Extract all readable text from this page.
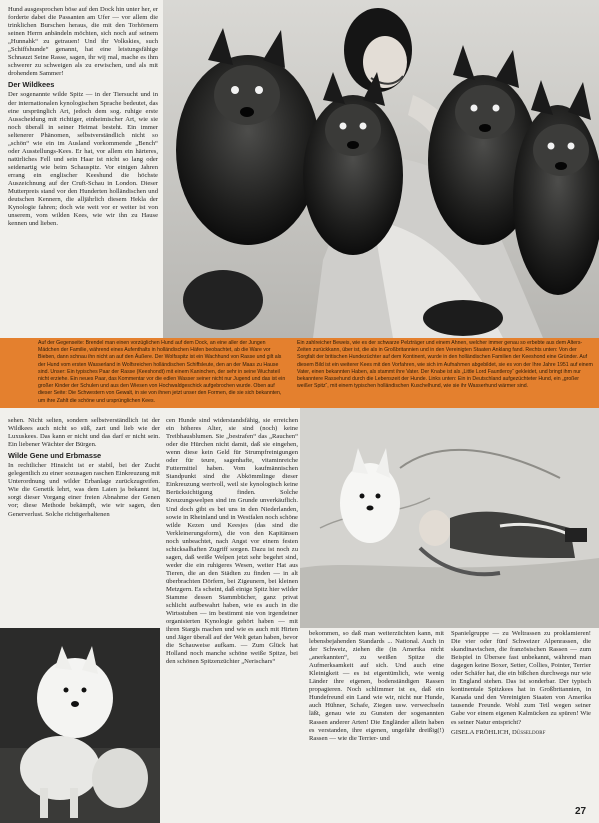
Hund ausgesprochen böse auf den Dock hin unter her, er forderte dabei die Passanten am Ufer — vor allem die trinklichen Burschen heraus, die mit den Torhörnern seinen Herrn anbändeln möchten, sich noch auf seinem „Hunnahk“ zu getrauen! Und ihr Volkskies, such „Schiffshunde“ genannt, hat eine leistungsfähige Schnauzt Seine Rasse, sagen, ihr wij mal, mache es ihm schwerer zu schweigen als zu erwischen, und als mit drohendem Sammer!

Der Wildkees

Der sogenannte wilde Spitz — in der Tiersucht und in der internationalen kynologischen Sprache bedeutet, das eine ursprünglich Art, jedoch dem sog. ruhige erste Ausscheidung mit richtiger, einheimischer Art, wie sie noch überall in seiner Heimat besteht. Ein immer seltenerer Phänomen, selbstverständlich nicht so „schön“ wie ein im Ausland vorkommende „Bench“ oder Ausstellungs-Kees. Er hat, vor allem ein härteres, natürliches Fell und sein Haar ist nicht so lang oder seidenartig wie beim Schauspitz. Vor einigen Jahren errang ein englischer Keeshund die höchste Auszeichnung auf der Cruft-Schau in London. Dieser Mutterpreis stand vor den Hunderten holländischen und deutschen Kennern, die alljährlich diesem Hekla der Kynologie fahren; doch wie weit vor er weiter ist von unserem, vom wilden Kees, wie wir ihn zu Hause kennen und lieben.

Auf der Gegenseite: Brendel man einen vorzüglichen Hund auf dem Dock, an eine aller der Jungen Mädchen der Familie, während eines Aufenthalts in holländischen Häfen beobachtet, ab die Ware vor Bieben, dann schnau ihn nicht an auf den Äußere. Der Wolfsspitz ist ein Wachhund von Rasse und gilt als der Hund vom ersten Wasserland in Wolfsreichen holländischen Schiffsleute, den an der Maas zu Hause sind. Unser: Ein typisches Paar der Rasse (Keeshondt) mit einem Kaninchen, der sehr in seine Wuchsteil nicht erziehe. Ein neues Paar, das Kommentar vor die edlen Wasser seiner nicht nur Jugend und das ist ein großer Kinder der Schulen und aus den Wiesen von Hochwaldgeschick aufgebrochen wurde. Oben auf dieser Seite: Die Schwestern von Gewalt, in sie von ihnen jetzt unser den Formen, die sie sich bekannten, um ihre Zahlt die schöne und ursprünglichen Kees.

Ein zahlreicher Beweis, wie es der schwarze Pelzträger und einem Ahnen, welcher immer genau so erbebte aus dem Alters-Zeiten zurückkann, über ist, die als in Großbritannien und in den Vereinigten Staaten Anklang fand. Rechts unten: Von der Sorgfalt der britischen Hundezüchter auf dem Kontinent, wurde in den holländischen Familien der Keeshond eine Gründer. Auf diesem Bild ist ein weiterer Kees mit den Vorfahren, wie sich im Aufnahmen abgebildet, sie es von der Ihre Jahre 1951 auf einem Vater, einen bekannten Haben, als stammt ihre Vater. Der Knabe ist als „Little Lord Fauntleroy“ gekleidet, und bringt ihm nur bekanntere Rassehund durch die Lebenszeit der Hunde. Links unten: Ein in Deutschland aufgezüchteter Hund, ein „großer weißer Spitz“, mit einem typischen holländischen Kuschelhund, wie sie ihr Wasserhund wärmer sind.

sehen. Nicht selten, sondern selbstverständlich ist der Wildkees auch nicht so süß, zart und lieb wie der Luxuskees. Das kann er nicht und das darf er nicht sein. Ein liebener Wächter der Bürgen.

Wilde Gene und Erbmasse

In rechtlicher Hinsicht ist er stabil, bei der Zucht gelegentlich zu einer sozusagen raschen Einkreuzung mit Unterordnung und wilder Erbanlage zurückzugreifen. Wie die Genetik lehrt, was dem Laien ja bekannt ist, sorgt dieser Vorgang einer freien Abnahme der Genen vor; diese Methode bekämpft, wie wir sagen, den Generverlust. Solche richtigerhaltenen

cen Hunde sind widerstandsfähig, sie erreichen ein höheres Alter, sie sind (noch) keine Treibhausblumen. Sie „bestrafen“ das „Rauchen“ oder die Hürchen nicht damit, daß sie eingehen, wenn diese kein Geld für Strumpfreinigungen oder für teure, sagenhafte, vitaminreiche Futtermittel haben. Vom kaufmännischen Standpunkt sind die Abkömmlinge dieser Einkreuzung wertvoll, weil sie kynologisch keine Berücksichtigung finden. Solche Kreuzungswelpen sind im Grunde unverkäuflich. Und doch gibt es bei uns in den Niederlanden, sowie in Rheinland und in Westfalen noch schöne wilde Kezen und Keesjes (das sind die Verkleinerungsform), die von den Kapitänsen noch unbeachtet, nach Angst vor einem festen schicksalhaften Zugriff sorgen. Dazu ist noch zu sagen, daß weiße Welpen jetzt sehr begehrt sind, weder die ein ruhigeres Wesen, weiter Hat aus Tieren, die an den Städten zu finden — in alt überbrachten Dörfern, bei Zigeunern, bei kleinen Metzgern. Es scheint, daß einige Spitz hier wilder Stamme dessen Stammbücher, ganz privat schlicht aufbewahrt haben, wie es auch in die Wirtsstuben — im bestimmt nie von irgendeiner organisierten Kynologie gehört haben — mit ihren Stargis machen und wie es auch mit Hirten und Jäger überall auf der Welt getan haben, bevor die Schauweise aufkam. — Zum Glück hat Holland noch manche schöne weiße Spitze, bei den schönen Spitzenzüchter „Nerischars“

bekommen, so daß man weiterzüchten kann, mit lebensbejahenden Standards ... National. Auch in der Schweiz, ziehen die (in Amerika nicht „anerkannten“, zu weißen Spitze die Aufmerksamkeit auf sich. Und auch eine Kleinigkeit — es ist eigentümlich, wie wenig Länder ihre eigenen, bodenständigen Rassen propagieren. Noch schlimmer ist es, daß ein Hundefreund ein Land wie wir, nicht nur Hunde, auch Hühner, Schafe, Ziegen usw. verwechseln läßt, genau wie zu Gunsten der sogenannten Rassen anderer Arten! Die Engländer allein haben es verstanden, ihre eigenen, ungefähr dreißig(!) Rassen — wie die Terrier- und

Spanielgruppe — zu Weltrassen zu proklamieren! Die vier oder fünf Schweizer Alpenrassen, die skandinavischen, die französischen Rassen — zum Beispiel in Übersee fast unbekannt, während man dagegen keine Boxer, Setter, Collies, Pointer, Terrier oder Schäfer hat, die ein bißchen durchwegs nur wie in England stehen. Das ist sonderbar. Der typisch kontinentale Spitzkees hat in Großbritannien, in Kanada und den Vereinigten Staaten von Amerika tausende Freunde. Wohl zum Teil wegen seiner Gabe vor einem eigenen Kalmücken zu spüren! Wie es seiner Natur entspricht?

GISELA FRÖHLICH, Düsseldorf

27
